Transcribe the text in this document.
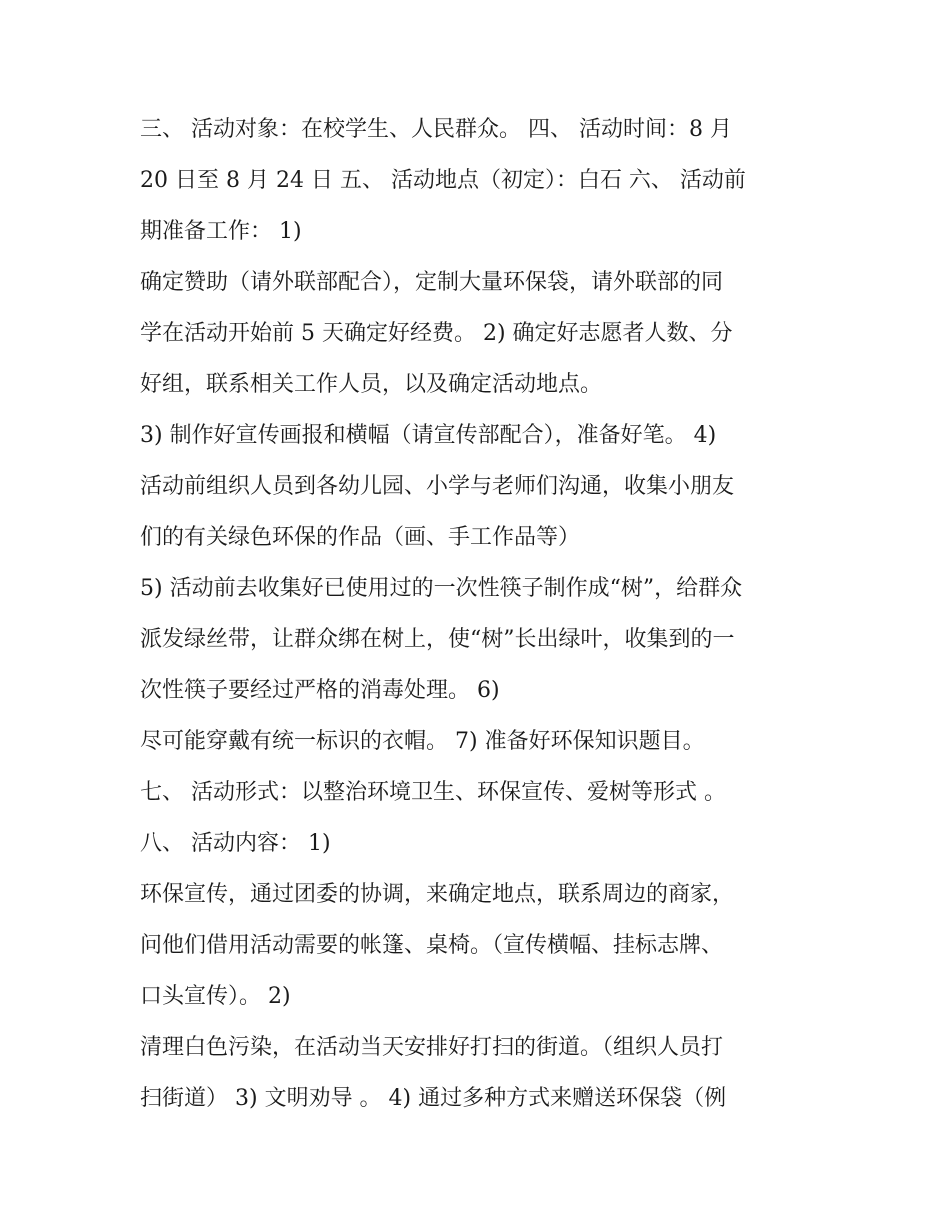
三、 活动对象：在校学生、人民群众。 四、 活动时间：8 月
20 日至 8 月 24 日 五、 活动地点（初定）：白石 六、 活动前
期准备工作： 1)
确定赞助（请外联部配合），定制大量环保袋，请外联部的同
学在活动开始前 5 天确定好经费。 2) 确定好志愿者人数、分
好组，联系相关工作人员，以及确定活动地点。
3) 制作好宣传画报和横幅（请宣传部配合），准备好笔。 4)
活动前组织人员到各幼儿园、小学与老师们沟通，收集小朋友
们的有关绿色环保的作品（画、手工作品等）
5) 活动前去收集好已使用过的一次性筷子制作成“树”，给群众
派发绿丝带，让群众绑在树上，使“树”长出绿叶，收集到的一
次性筷子要经过严格的消毒处理。 6)
尽可能穿戴有统一标识的衣帽。 7) 准备好环保知识题目。
七、 活动形式：以整治环境卫生、环保宣传、爱树等形式 。
八、 活动内容： 1)
环保宣传，通过团委的协调，来确定地点，联系周边的商家，
问他们借用活动需要的帐篷、桌椅。（宣传横幅、挂标志牌、
口头宣传）。 2)
清理白色污染，在活动当天安排好打扫的街道。（组织人员打
扫街道） 3) 文明劝导 。 4) 通过多种方式来赠送环保袋（例
